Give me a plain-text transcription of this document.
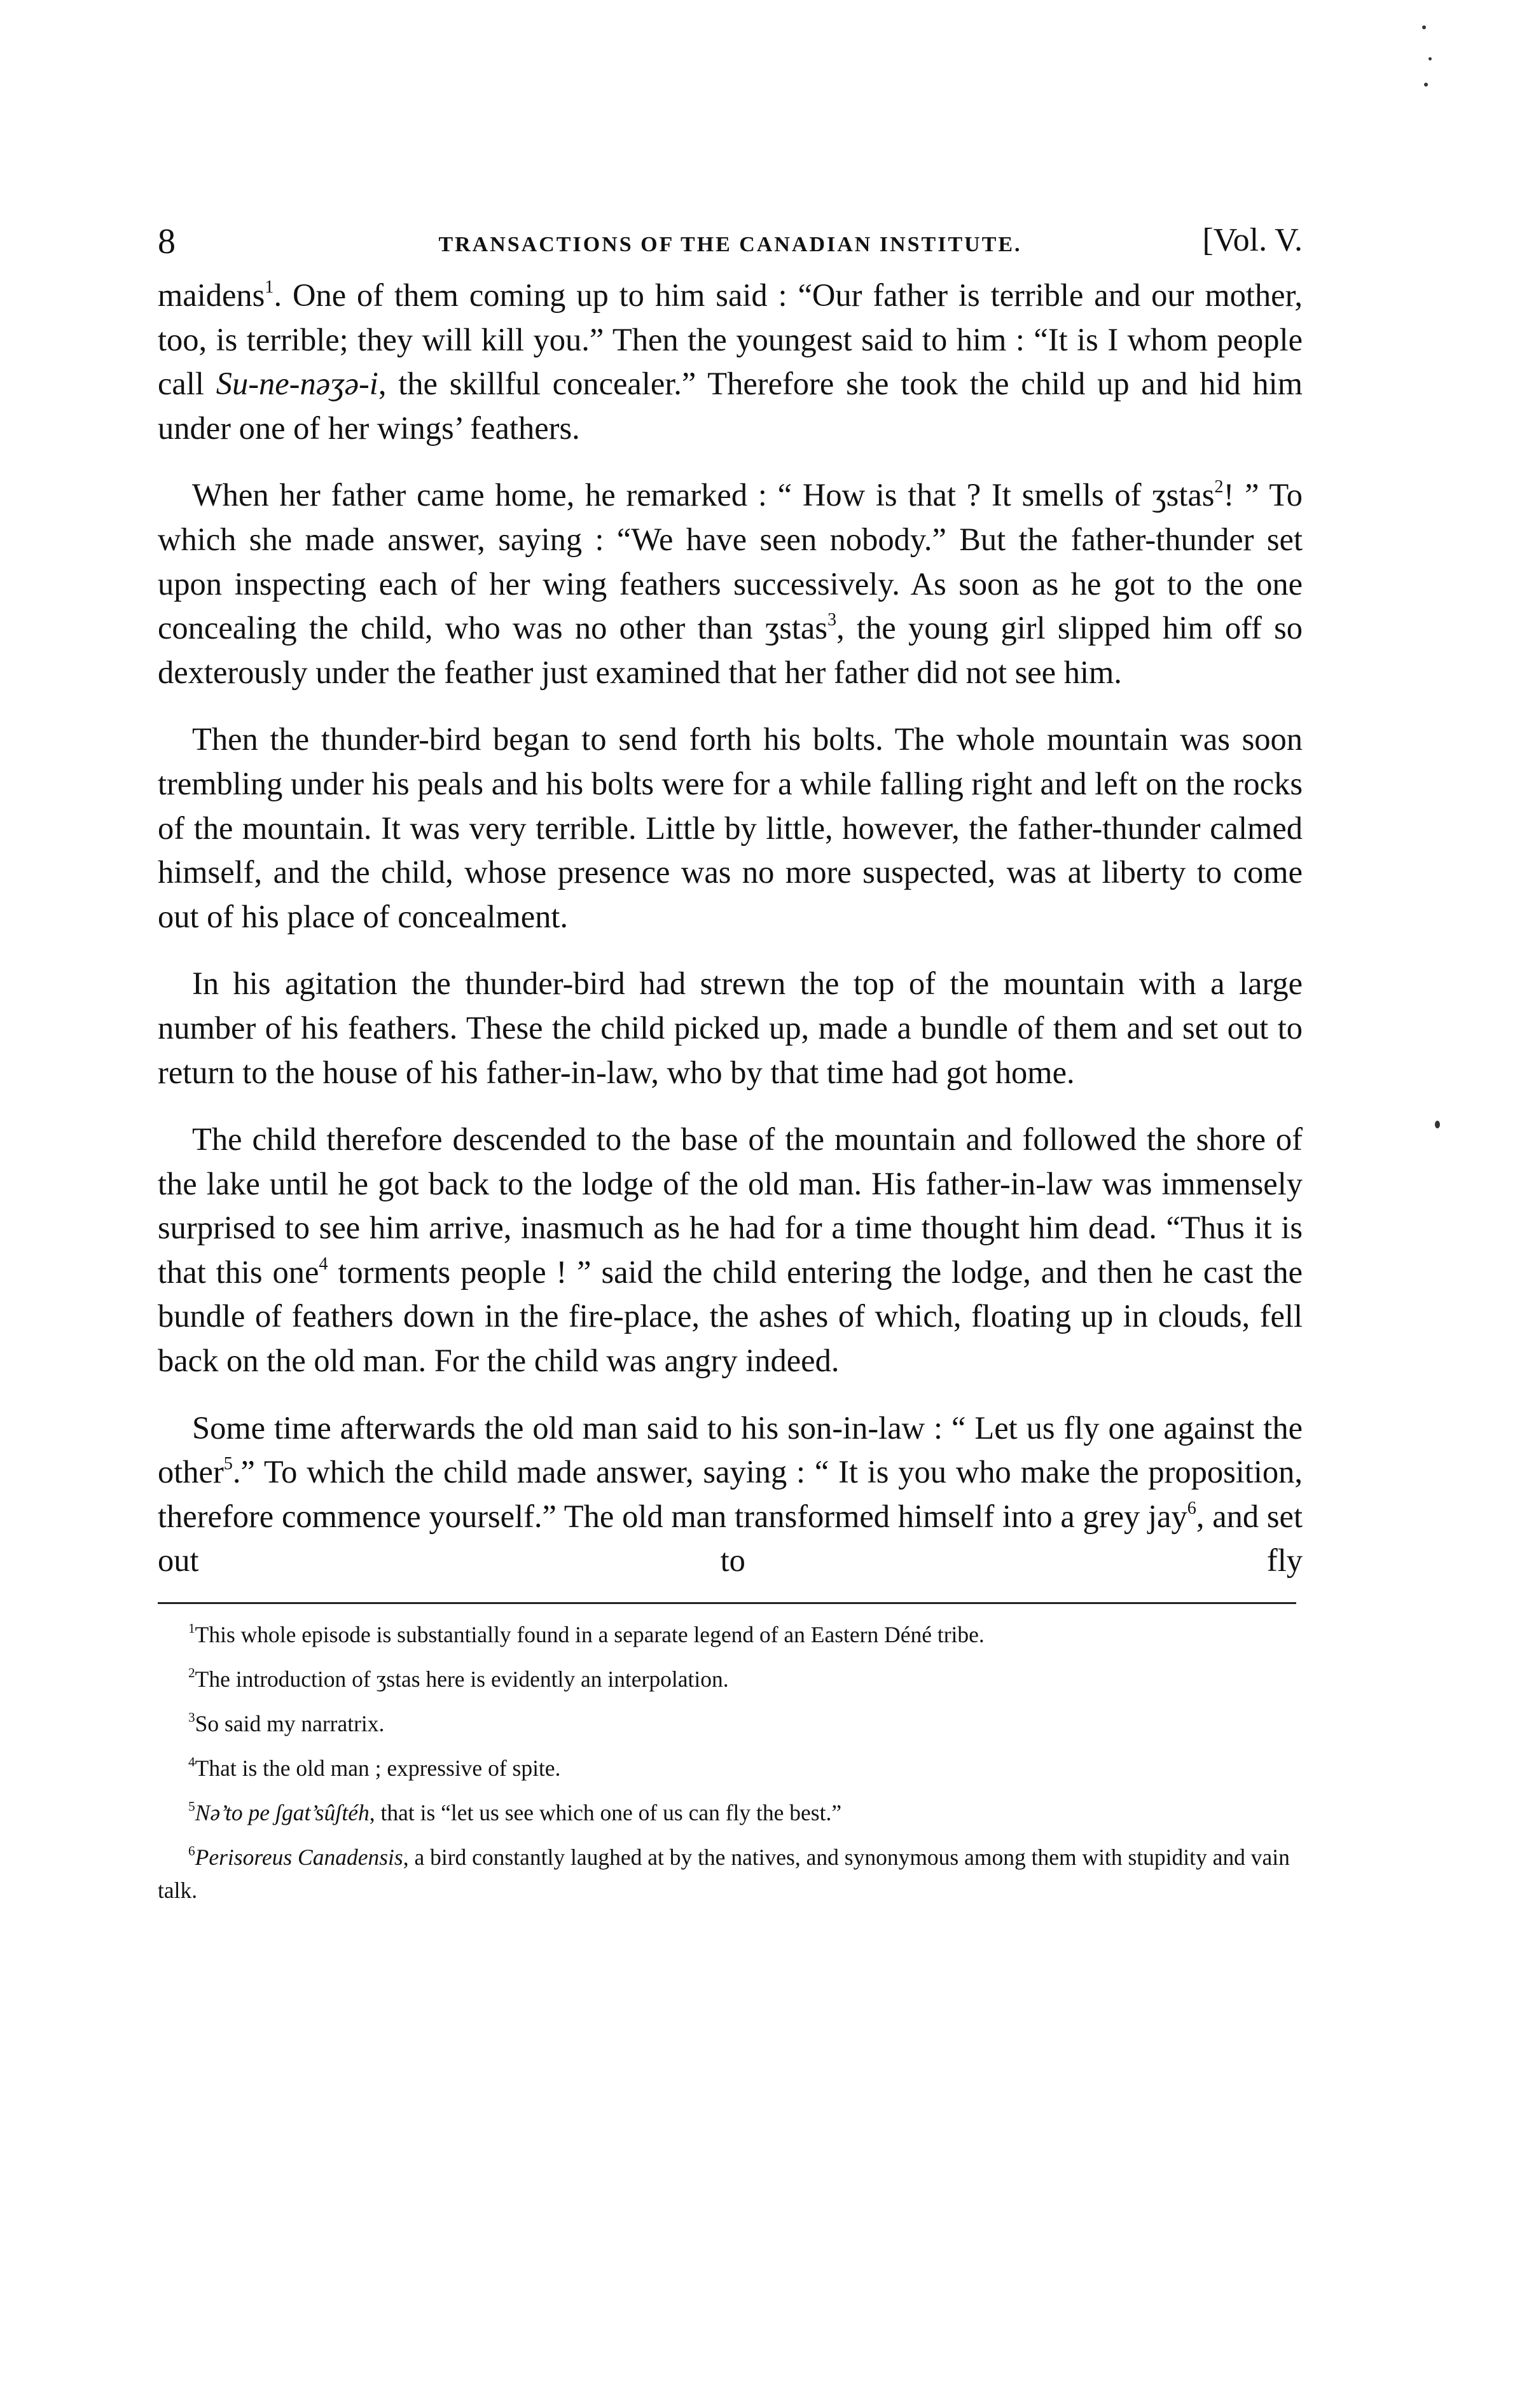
8	TRANSACTIONS OF THE CANADIAN INSTITUTE.	[Vol. V.

maidens$^1$. One of them coming up to him said : “Our father is terrible and our mother, too, is terrible; they will kill you.” Then the youngest said to him : “It is I whom people call Su-ne-nəʒə‑i, the skillful concealer.” Therefore she took the child up and hid him under one of her wings’ feathers.

When her father came home, he remarked : “ How is that ? It smells of ʒstas$^2$! ” To which she made answer, saying : “We have seen nobody.” But the father-thunder set upon inspecting each of her wing feathers successively. As soon as he got to the one concealing the child, who was no other than ʒstas$^3$, the young girl slipped him off so dexterously under the feather just examined that her father did not see him.

Then the thunder-bird began to send forth his bolts. The whole mountain was soon trembling under his peals and his bolts were for a while falling right and left on the rocks of the mountain. It was very terrible. Little by little, however, the father-thunder calmed himself, and the child, whose presence was no more suspected, was at liberty to come out of his place of concealment.

In his agitation the thunder-bird had strewn the top of the mountain with a large number of his feathers. These the child picked up, made a bundle of them and set out to return to the house of his father-in-law, who by that time had got home.

The child therefore descended to the base of the mountain and followed the shore of the lake until he got back to the lodge of the old man. His father-in-law was immensely surprised to see him arrive, inasmuch as he had for a time thought him dead. “Thus it is that this one$^4$ torments people ! ” said the child entering the lodge, and then he cast the bundle of feathers down in the fire-place, the ashes of which, floating up in clouds, fell back on the old man. For the child was angry indeed.

Some time afterwards the old man said to his son-in-law : “ Let us fly one against the other$^5$.” To which the child made answer, saying : “ It is you who make the proposition, therefore commence yourself.” The old man transformed himself into a grey jay$^6$, and set out to fly

$^1$This whole episode is substantially found in a separate legend of an Eastern Déné tribe.

$^2$The introduction of ʒstas here is evidently an interpolation.

$^3$So said my narratrix.

$^4$That is the old man ; expressive of spite.

$^5$Nə’to pe ʃgat’sûʃtéh, that is “let us see which one of us can fly the best.”

$^6$Perisoreus Canadensis, a bird constantly laughed at by the natives, and synonymous among them with stupidity and vain talk.
